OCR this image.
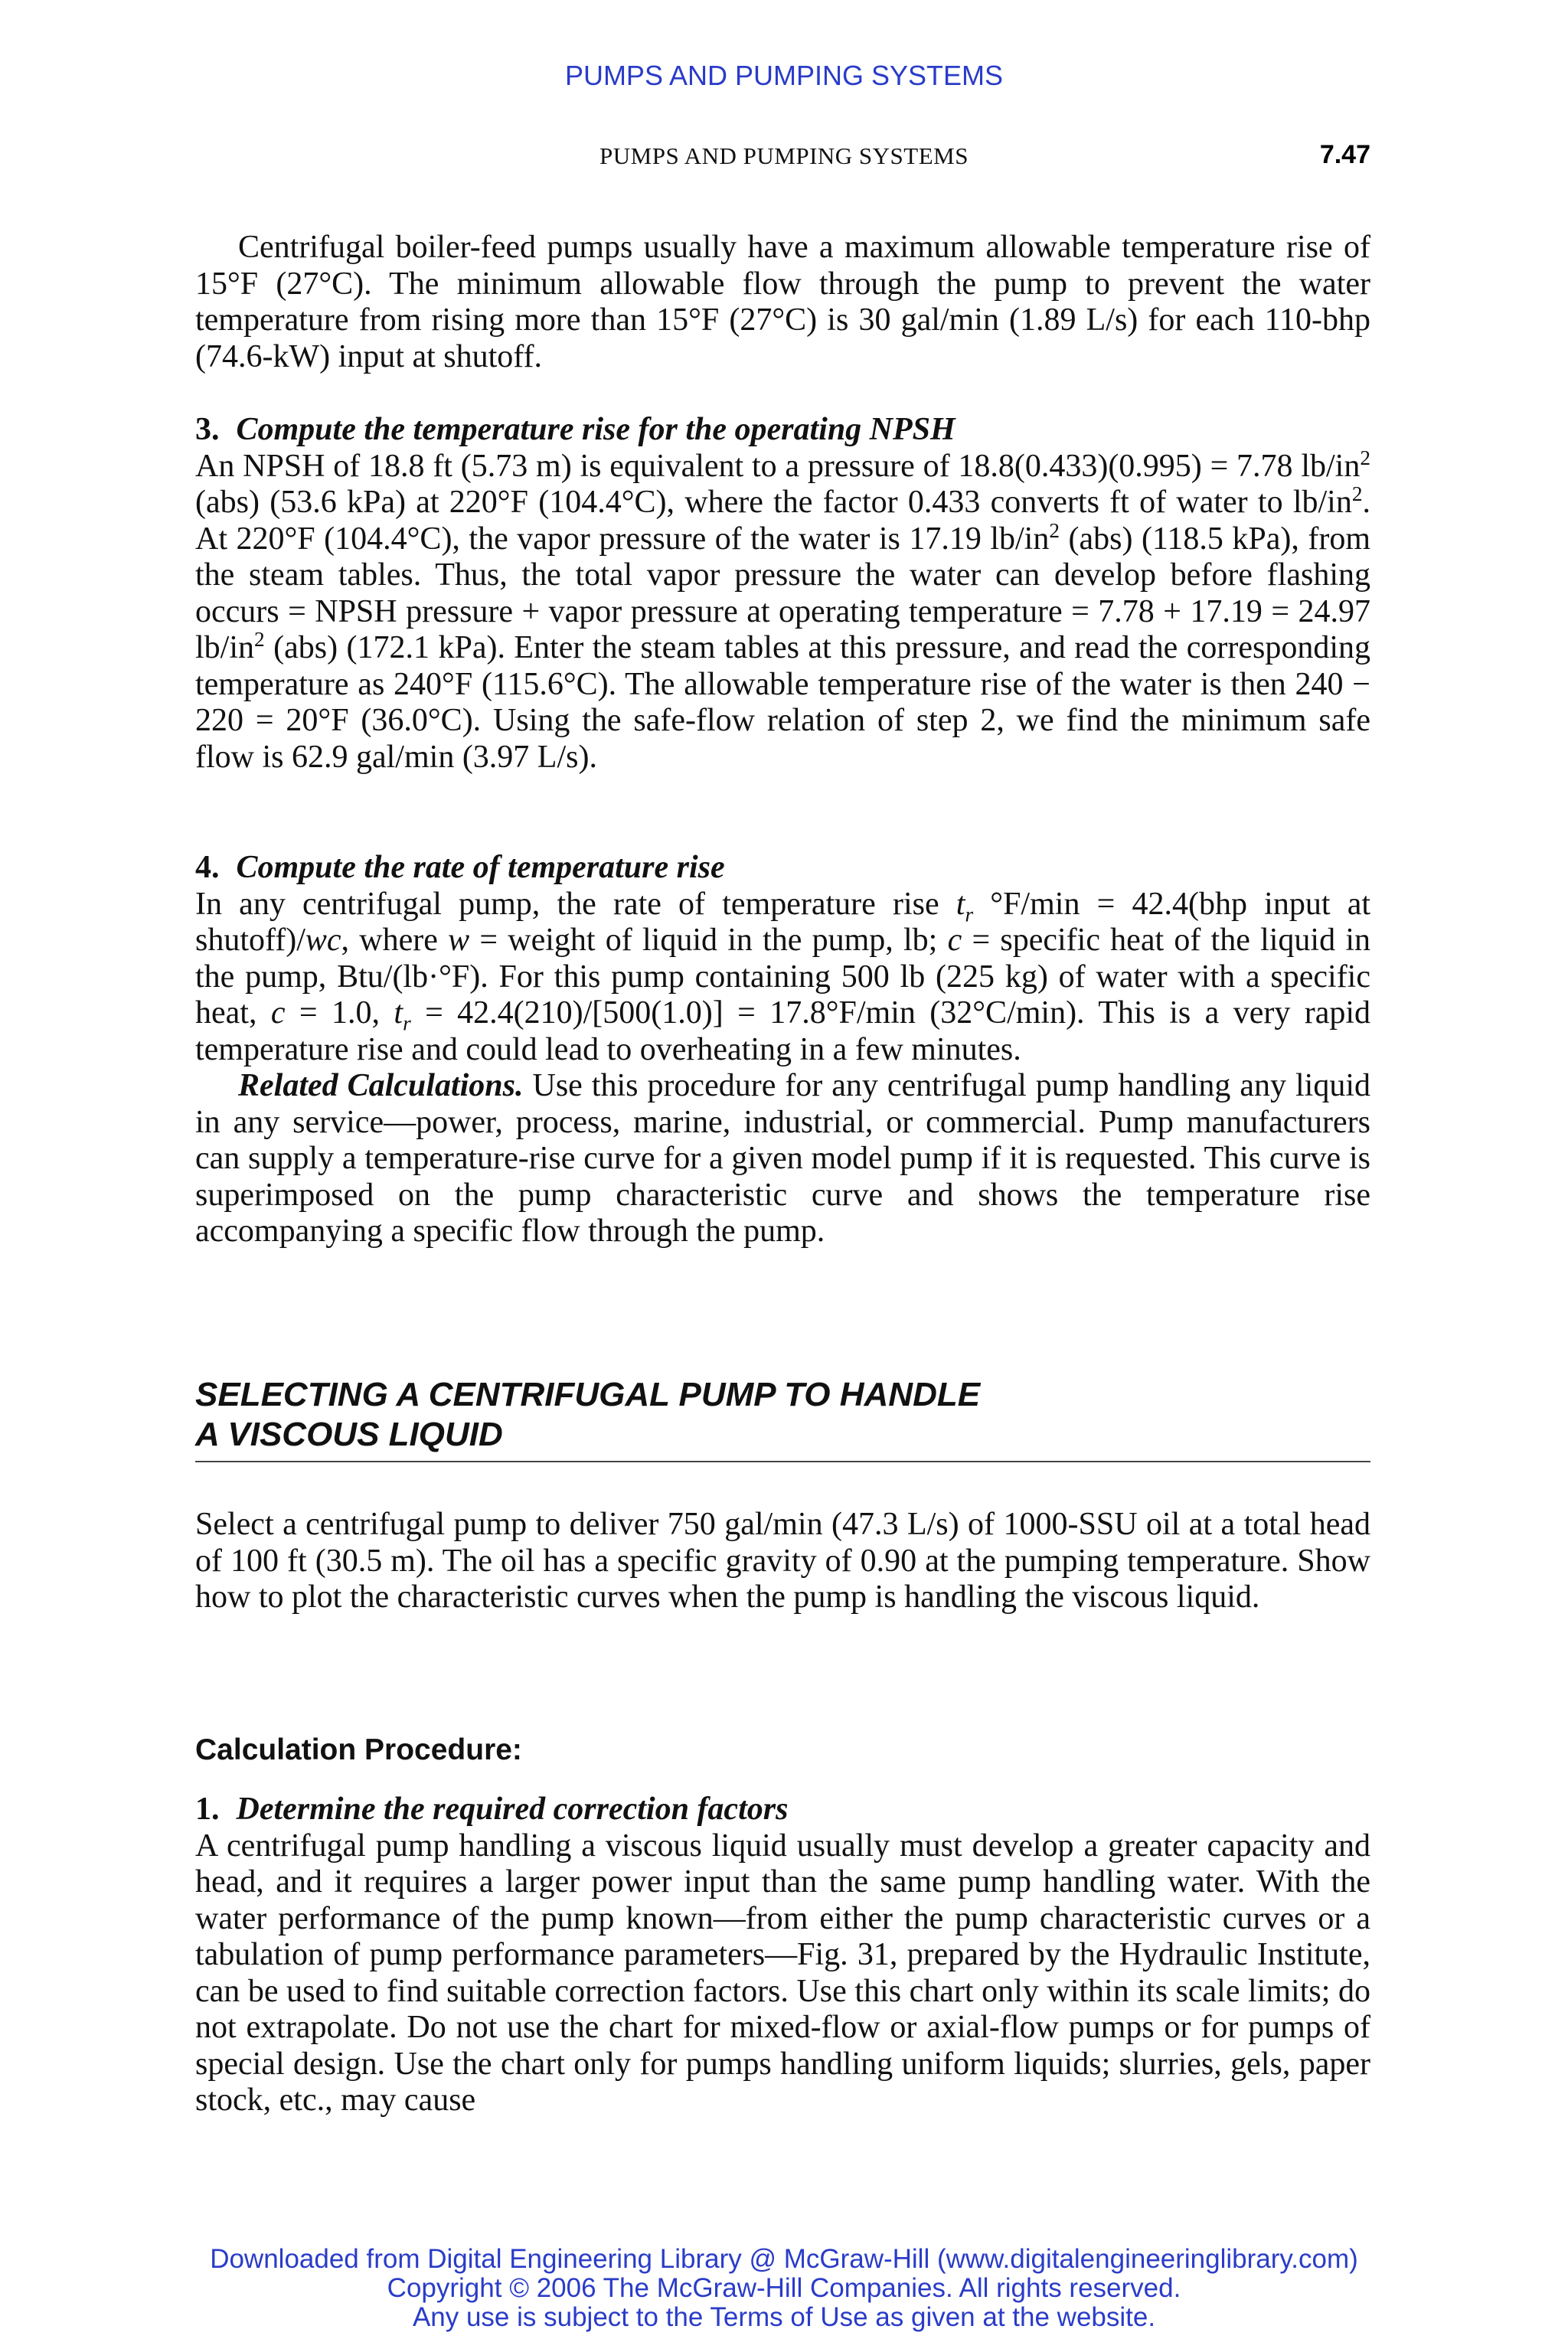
PUMPS AND PUMPING SYSTEMS
PUMPS AND PUMPING SYSTEMS	7.47

Centrifugal boiler-feed pumps usually have a maximum allowable temperature rise of 15°F (27°C). The minimum allowable flow through the pump to prevent the water temperature from rising more than 15°F (27°C) is 30 gal/min (1.89 L/s) for each 110-bhp (74.6-kW) input at shutoff.

3. Compute the temperature rise for the operating NPSH

An NPSH of 18.8 ft (5.73 m) is equivalent to a pressure of 18.8(0.433)(0.995) = 7.78 $lb/in^2$ (abs) (53.6 kPa) at 220°F (104.4°C), where the factor 0.433 converts ft of water to $lb/in^2$. At 220°F (104.4°C), the vapor pressure of the water is 17.19 $lb/in^2$ (abs) (118.5 kPa), from the steam tables. Thus, the total vapor pressure the water can develop before flashing occurs = NPSH pressure + vapor pressure at operating temperature = 7.78 + 17.19 = 24.97 $lb/in^2$ (abs) (172.1 kPa). Enter the steam tables at this pressure, and read the corresponding temperature as 240°F (115.6°C). The allowable temperature rise of the water is then 240 − 220 = 20°F (36.0°C). Using the safe-flow relation of step 2, we find the minimum safe flow is 62.9 gal/min (3.97 L/s).

4. Compute the rate of temperature rise

In any centrifugal pump, the rate of temperature rise $t_r$ °F/min = 42.4(bhp input at shutoff)/wc, where w = weight of liquid in the pump, lb; c = specific heat of the liquid in the pump, Btu/(lb·°F). For this pump containing 500 lb (225 kg) of water with a specific heat, c = 1.0, $t_r = 42.4(210)/[500(1.0)] = 17.8^\circ F/\min$ (32°C/min). This is a very rapid temperature rise and could lead to overheating in a few minutes.

Related Calculations. Use this procedure for any centrifugal pump handling any liquid in any service—power, process, marine, industrial, or commercial. Pump manufacturers can supply a temperature-rise curve for a given model pump if it is requested. This curve is superimposed on the pump characteristic curve and shows the temperature rise accompanying a specific flow through the pump.

SELECTING A CENTRIFUGAL PUMP TO HANDLE
A VISCOUS LIQUID

Select a centrifugal pump to deliver 750 gal/min (47.3 L/s) of 1000-SSU oil at a total head of 100 ft (30.5 m). The oil has a specific gravity of 0.90 at the pumping temperature. Show how to plot the characteristic curves when the pump is handling the viscous liquid.

Calculation Procedure:

1. Determine the required correction factors

A centrifugal pump handling a viscous liquid usually must develop a greater capacity and head, and it requires a larger power input than the same pump handling water. With the water performance of the pump known—from either the pump characteristic curves or a tabulation of pump performance parameters—Fig. 31, prepared by the Hydraulic Institute, can be used to find suitable correction factors. Use this chart only within its scale limits; do not extrapolate. Do not use the chart for mixed-flow or axial-flow pumps or for pumps of special design. Use the chart only for pumps handling uniform liquids; slurries, gels, paper stock, etc., may cause

Downloaded from Digital Engineering Library @ McGraw-Hill (www.digitalengineeringlibrary.com)
Copyright © 2006 The McGraw-Hill Companies. All rights reserved.
Any use is subject to the Terms of Use as given at the website.
